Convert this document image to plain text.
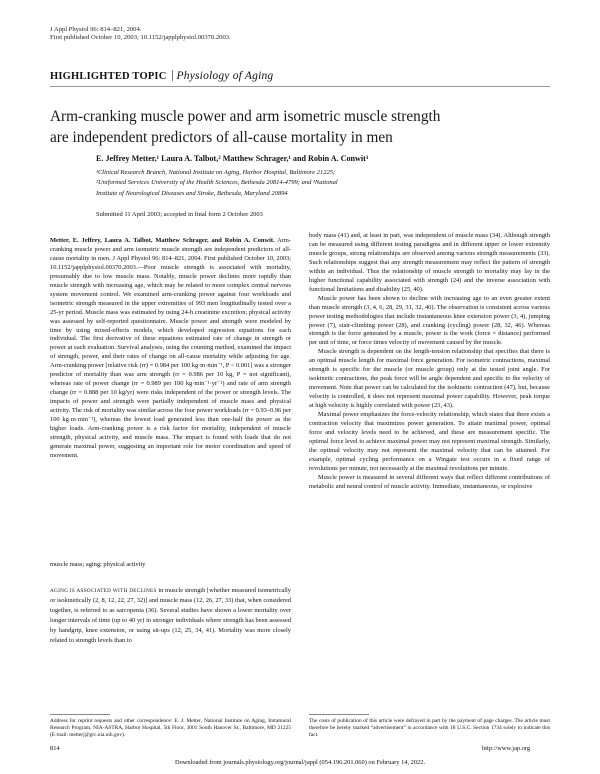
J Appl Physiol 96: 814–821, 2004.
First published October 10, 2003; 10.1152/japplphysiol.00370.2003.
HIGHLIGHTED TOPIC Physiology of Aging
Arm-cranking muscle power and arm isometric muscle strength
are independent predictors of all-cause mortality in men
E. Jeffrey Metter,¹ Laura A. Talbot,² Matthew Schrager,¹ and Robin A. Conwit³
¹Clinical Research Branch, National Institute on Aging, Harbor Hospital, Baltimore 21225;
²Uniformed Services University of the Health Sciences, Bethesda 20814-4799; and ³National
Institute of Neurological Diseases and Stroke, Bethesda, Maryland 20894
Submitted 11 April 2003; accepted in final form 2 October 2003

Metter, E. Jeffrey, Laura A. Talbot, Matthew Schrager, and Robin A. Conwit. Arm-cranking muscle power and arm isometric muscle strength are independent predictors of all-cause mortality in men. J Appl Physiol 96: 814–821, 2004. First published October 10, 2003; 10.1152/japplphysiol.00370.2003.—Poor muscle strength is associated with mortality, presumably due to low muscle mass. Notably, muscle power declines more rapidly than muscle strength with increasing age, which may be related to more complex central nervous system movement control. We examined arm-cranking power against four workloads and isometric strength measured in the upper extremities of 993 men longitudinally tested over a 25-yr period. Muscle mass was estimated by using 24-h creatinine excretion; physical activity was assessed by self-reported questionnaire. Muscle power and strength were modeled by time by using mixed-effects models, which developed regression equations for each individual. The first derivative of these equations estimated rate of change in strength or power at each evaluation. Survival analyses, using the counting method, examined the impact of strength, power, and their rates of change on all-cause mortality while adjusting for age. Arm-cranking power [relative risk (rr) = 0.984 per 100 kg·m·min⁻¹, P < 0.001] was a stronger predictor of mortality than was arm strength (rr = 0.986 per 10 kg, P = not significant), whereas rate of power change (rr = 0.989 per 100 kg·min⁻¹·yr⁻¹) and rate of arm strength change (rr = 0.888 per 10 kg/yr) were risks independent of the power or strength levels. The impacts of power and strength were partially independent of muscle mass and physical activity. The risk of mortality was similar across the four power workloads (rr = 0.93–0.96 per 100 kg·m·min⁻¹), whereas the lowest load generated less than one-half the power as the higher loads. Arm-cranking power is a risk factor for mortality, independent of muscle strength, physical activity, and muscle mass. The impact is found with loads that do not generate maximal power, suggesting an important role for motor coordination and speed of movement.

muscle mass; aging; physical activity
AGING IS ASSOCIATED WITH DECLINES in muscle strength [whether measured isometrically or isokinetically (2, 8, 12, 22, 27, 32)] and muscle mass (12, 26, 27, 33) that, when considered together, is referred to as sarcopenia (36). Several studies have shown a lower mortality over longer intervals of time (up to 40 yr) in stronger individuals where strength has been assessed by handgrip, knee extension, or using sit-ups (12, 25, 34, 41). Mortality was more closely related to strength levels than to

body mass (41) and, at least in part, was independent of muscle mass (34). Although strength can be measured using different testing paradigms and in different upper or lower extremity muscle groups, strong relationships are observed among various strength measurements (33). Such relationships suggest that any strength measurement may reflect the pattern of strength within an individual. Thus the relationship of muscle strength to mortality may lay in the higher functional capability associated with strength (24) and the inverse association with functional limitations and disability (25, 40).

Muscle power has been shown to decline with increasing age to an even greater extent than muscle strength (3, 4, 6, 28, 29, 31, 32, 46). The observation is consistent across various power testing methodologies that include instantaneous knee extension power (3, 4), jumping power (7), stair-climbing power (28), and cranking (cycling) power (28, 32, 46). Whereas strength is the force generated by a muscle, power is the work (force × distance) performed per unit of time, or force times velocity of movement caused by the muscle.

Muscle strength is dependent on the length-tension relationship that specifies that there is an optimal muscle length for maximal force generation. For isometric contractions, maximal strength is specific for the muscle (or muscle group) only at the tested joint angle. For isokinetic contractions, the peak force will be angle dependent and specific to the velocity of movement. Note that power can be calculated for the isokinetic contraction (47), but, because velocity is controlled, it does not represent maximal power capability. However, peak torque at high velocity is highly correlated with power (23, 43).

Maximal power emphasizes the force-velocity relationship, which states that there exists a contraction velocity that maximizes power generation. To attain maximal power, optimal force and velocity levels need to be achieved, and these are measurement specific. The optimal force level to achieve maximal power may not represent maximal strength. Similarly, the optimal velocity may not represent the maximal velocity that can be attained. For example, optimal cycling performance on a Wingate test occurs in a fixed range of revolutions per minute, not necessarily at the maximal revolutions per minute.

Muscle power is measured in several different ways that reflect different contributions of metabolic and neural control of muscle activity. Immediate, instantaneous, or explosive

Address for reprint requests and other correspondence: E. J. Metter, National Institute on Aging, Intramural Research Program, NIA-ASTRA, Harbor Hospital, 5th Floor, 3001 South Hanover St., Baltimore, MD 21225 (E-mail: metterj@grc.nia.nih.gov).
The costs of publication of this article were defrayed in part by the payment of page charges. The article must therefore be hereby marked “advertisement” in accordance with 18 U.S.C. Section 1734 solely to indicate this fact.
814	http://www.jap.org
Downloaded from journals.physiology.org/journal/jappl (054.196.201.060) on February 14, 2022.
